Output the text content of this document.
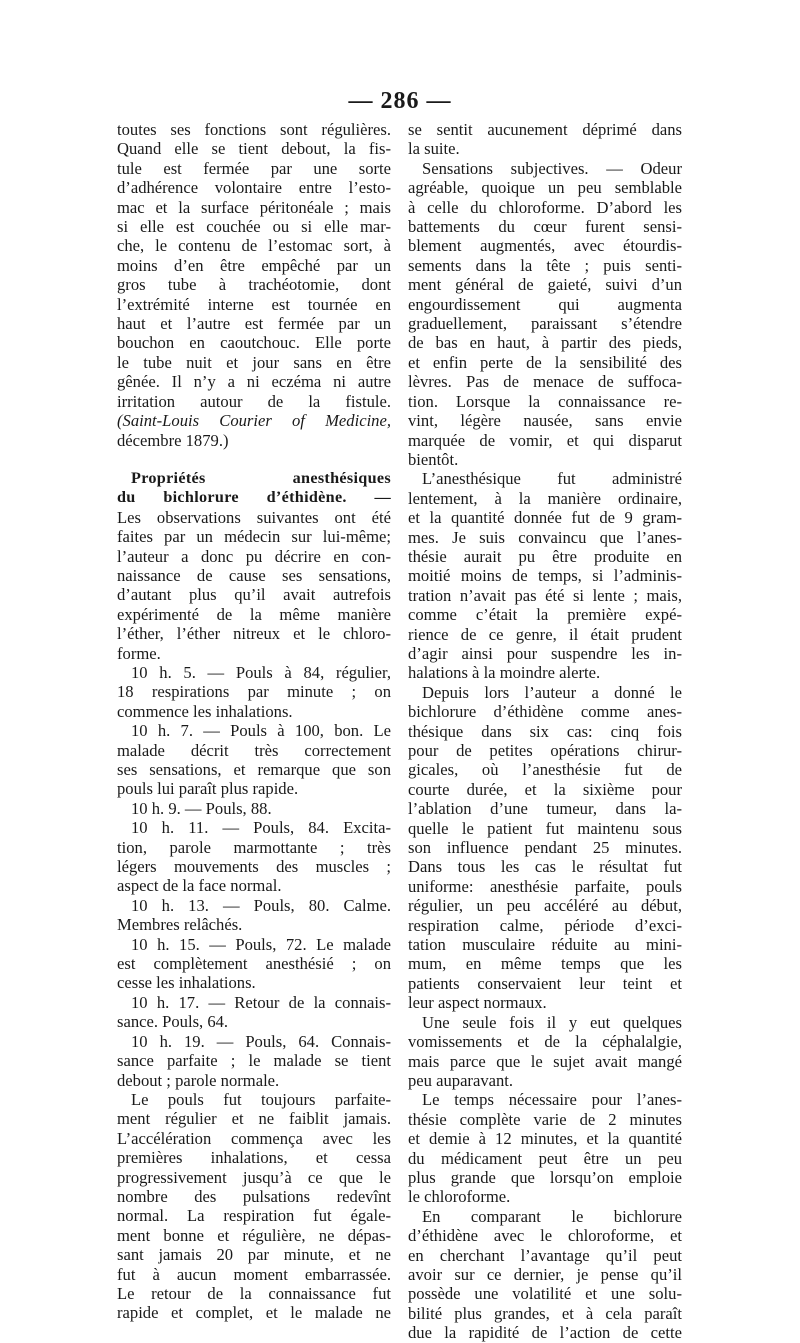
— 286 —
toutes ses fonctions sont régulières.
Quand elle se tient debout, la fis-
tule est fermée par une sorte
d’adhérence volontaire entre l’esto-
mac et la surface péritonéale ; mais
si elle est couchée ou si elle mar-
che, le contenu de l’estomac sort, à
moins d’en être empêché par un
gros tube à trachéotomie, dont
l’extrémité interne est tournée en
haut et l’autre est fermée par un
bouchon en caoutchouc. Elle porte
le tube nuit et jour sans en être
gênée. Il n’y a ni eczéma ni autre
irritation autour de la fistule.
(Saint-Louis Courier of Medicine,
décembre 1879.)
Propriétés anesthésiques
du bichlorure d’éthidène. —
Les observations suivantes ont été
faites par un médecin sur lui-même;
l’auteur a donc pu décrire en con-
naissance de cause ses sensations,
d’autant plus qu’il avait autrefois
expérimenté de la même manière
l’éther, l’éther nitreux et le chloro-
forme.
10 h. 5. — Pouls à 84, régulier,
18 respirations par minute ; on
commence les inhalations.
10 h. 7. — Pouls à 100, bon. Le
malade décrit très correctement
ses sensations, et remarque que son
pouls lui paraît plus rapide.
10 h. 9. — Pouls, 88.
10 h. 11. — Pouls, 84. Excita-
tion, parole marmottante ; très
légers mouvements des muscles ;
aspect de la face normal.
10 h. 13. — Pouls, 80. Calme.
Membres relâchés.
10 h. 15. — Pouls, 72. Le malade
est complètement anesthésié ; on
cesse les inhalations.
10 h. 17. — Retour de la connais-
sance. Pouls, 64.
10 h. 19. — Pouls, 64. Connais-
sance parfaite ; le malade se tient
debout ; parole normale.
Le pouls fut toujours parfaite-
ment régulier et ne faiblit jamais.
L’accélération commença avec les
premières inhalations, et cessa
progressivement jusqu’à ce que le
nombre des pulsations redevînt
normal. La respiration fut égale-
ment bonne et régulière, ne dépas-
sant jamais 20 par minute, et ne
fut à aucun moment embarrassée.
Le retour de la connaissance fut
rapide et complet, et le malade ne
se sentit aucunement déprimé dans
la suite.
Sensations subjectives. — Odeur
agréable, quoique un peu semblable
à celle du chloroforme. D’abord les
battements du cœur furent sensi-
blement augmentés, avec étourdis-
sements dans la tête ; puis senti-
ment général de gaieté, suivi d’un
engourdissement qui augmenta
graduellement, paraissant s’étendre
de bas en haut, à partir des pieds,
et enfin perte de la sensibilité des
lèvres. Pas de menace de suffoca-
tion. Lorsque la connaissance re-
vint, légère nausée, sans envie
marquée de vomir, et qui disparut
bientôt.
L’anesthésique fut administré
lentement, à la manière ordinaire,
et la quantité donnée fut de 9 gram-
mes. Je suis convaincu que l’anes-
thésie aurait pu être produite en
moitié moins de temps, si l’adminis-
tration n’avait pas été si lente ; mais,
comme c’était la première expé-
rience de ce genre, il était prudent
d’agir ainsi pour suspendre les in-
halations à la moindre alerte.
Depuis lors l’auteur a donné le
bichlorure d’éthidène comme anes-
thésique dans six cas: cinq fois
pour de petites opérations chirur-
gicales, où l’anesthésie fut de
courte durée, et la sixième pour
l’ablation d’une tumeur, dans la-
quelle le patient fut maintenu sous
son influence pendant 25 minutes.
Dans tous les cas le résultat fut
uniforme: anesthésie parfaite, pouls
régulier, un peu accéléré au début,
respiration calme, période d’exci-
tation musculaire réduite au mini-
mum, en même temps que les
patients conservaient leur teint et
leur aspect normaux.
Une seule fois il y eut quelques
vomissements et de la céphalalgie,
mais parce que le sujet avait mangé
peu auparavant.
Le temps nécessaire pour l’anes-
thésie complète varie de 2 minutes
et demie à 12 minutes, et la quantité
du médicament peut être un peu
plus grande que lorsqu’on emploie
le chloroforme.
En comparant le bichlorure
d’éthidène avec le chloroforme, et
en cherchant l’avantage qu’il peut
avoir sur ce dernier, je pense qu’il
possède une volatilité et une solu-
bilité plus grandes, et à cela paraît
due la rapidité de l’action de cette
